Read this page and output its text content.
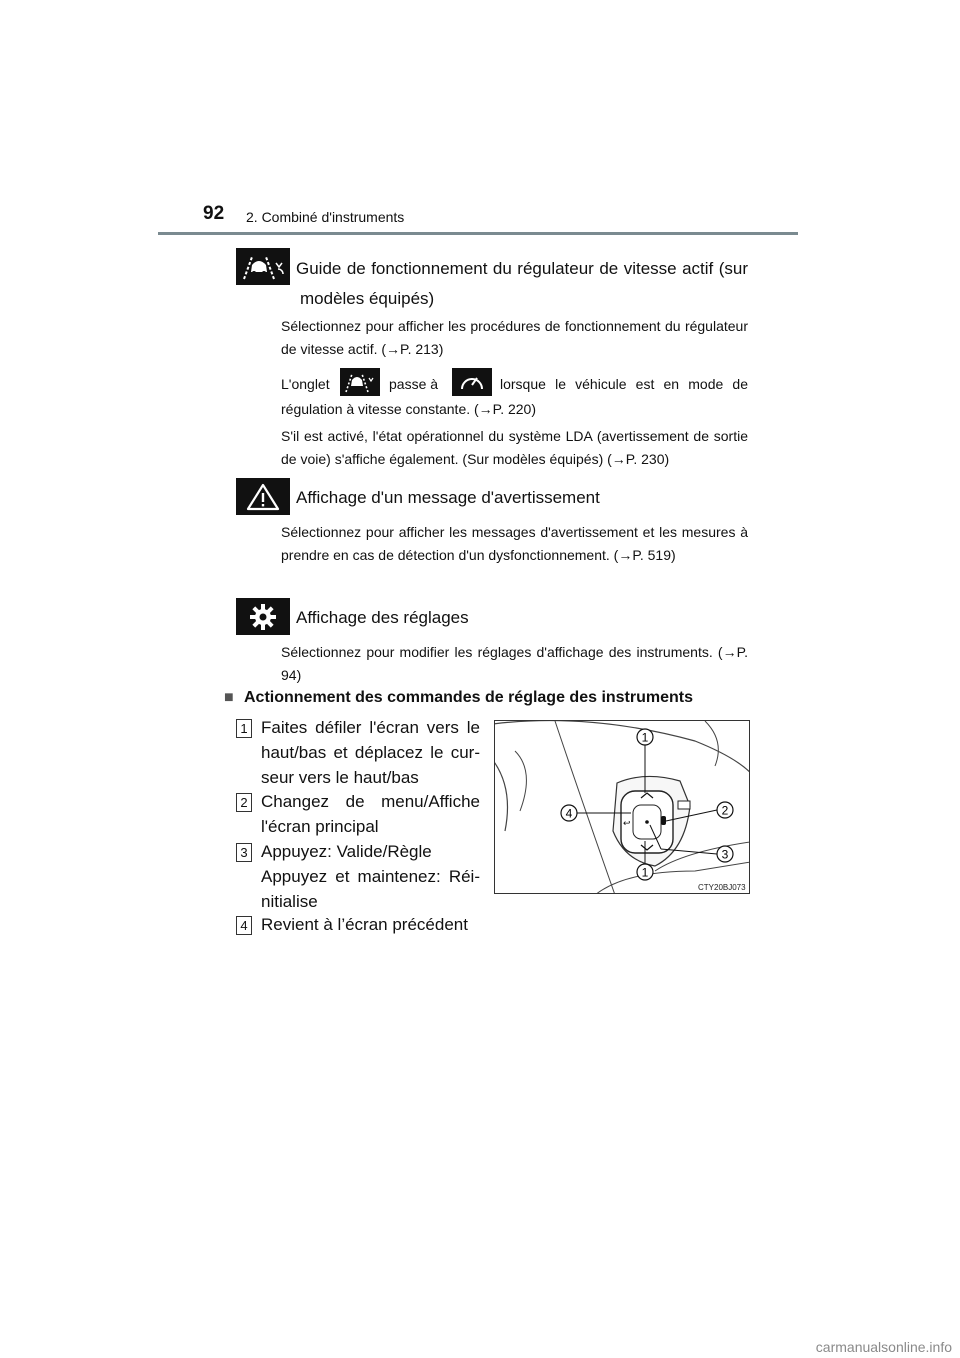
92 2. Combiné d'instruments
Guide de fonctionnement du régulateur de vitesse actif (sur
modèles équipés)
Sélectionnez pour afficher les procédures de fonctionnement du régulateur de vitesse actif. (→P. 213)
L'onglet	passe à	lorsque le véhicule est en mode de
régulation à vitesse constante. (→P. 220)
S'il est activé, l'état opérationnel du système LDA (avertissement de sortie de voie) s'affiche également. (Sur modèles équipés) (→P. 230)
Affichage d'un message d'avertissement
Sélectionnez pour afficher les messages d'avertissement et les mesures à prendre en cas de détection d'un dysfonctionnement. (→P. 519)
Affichage des réglages
Sélectionnez pour modifier les réglages d'affichage des instruments. (→P. 94)
■ Actionnement des commandes de réglage des instruments
1 Faites défiler l'écran vers le haut/bas et déplacez le curseur vers le haut/bas
2 Changez de menu/Affiche l'écran principal
3 Appuyez: Valide/Règle
Appuyez et maintenez: Réinitialise
4 Revient à l’écran précédent
↩
1
2
4
3
1
CTY20BJ073
carmanualsonline.info
